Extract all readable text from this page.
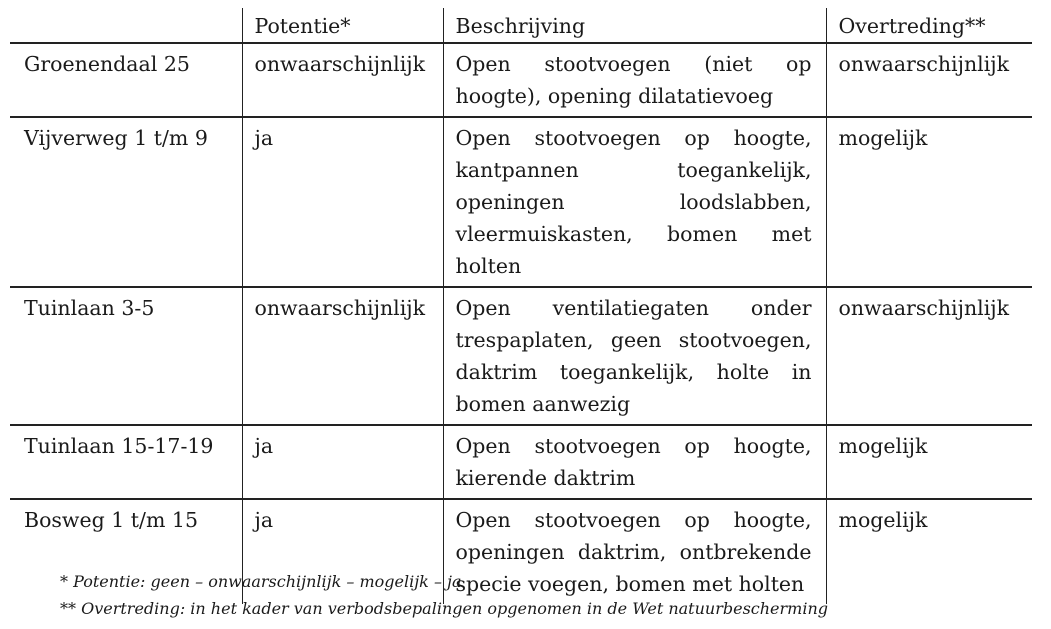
	Potentie*	Beschrijving	Overtreding**
Groenendaal 25	onwaarschijnlijk	Open stootvoegen (niet op hoogte), opening dilatatievoeg	onwaarschijnlijk
Vijverweg 1 t/m 9	ja	Open stootvoegen op hoogte, kantpannen toegankelijk, openingen loodslabben, vleermuiskasten, bomen met holten	mogelijk
Tuinlaan 3-5	onwaarschijnlijk	Open ventilatiegaten onder trespaplaten, geen stootvoegen, daktrim toegankelijk, holte in bomen aanwezig	onwaarschijnlijk
Tuinlaan 15-17-19	ja	Open stootvoegen op hoogte, kierende daktrim	mogelijk
Bosweg 1 t/m 15	ja	Open stootvoegen op hoogte, openingen daktrim, ontbrekende specie voegen, bomen met holten	mogelijk

* Potentie: geen – onwaarschijnlijk – mogelijk – ja

** Overtreding: in het kader van verbodsbepalingen opgenomen in de Wet natuurbescherming
